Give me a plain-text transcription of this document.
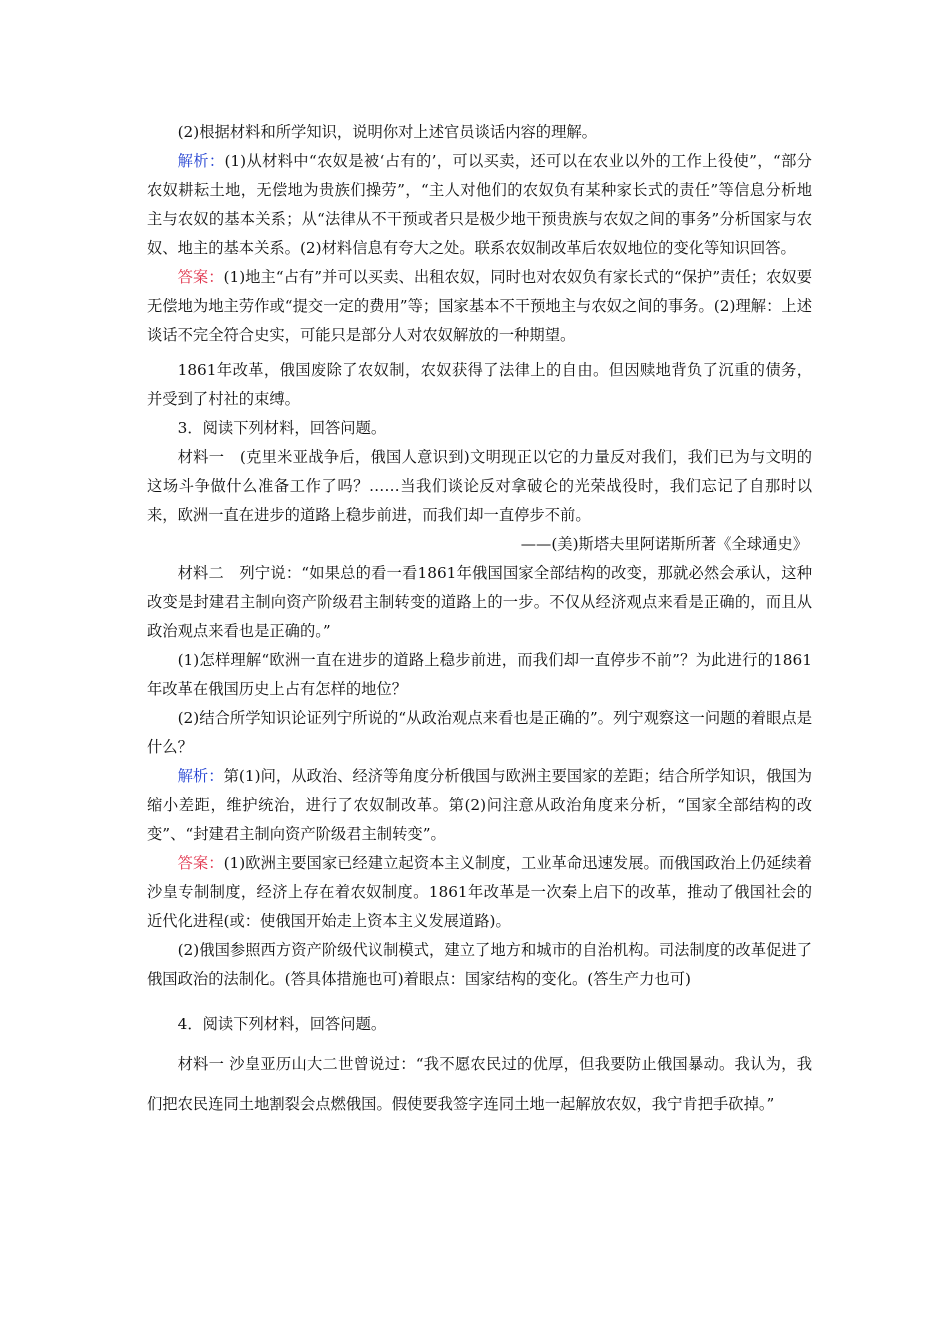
(2)根据材料和所学知识，说明你对上述官员谈话内容的理解。

解析：(1)从材料中“农奴是被‘占有的’，可以买卖，还可以在农业以外的工作上役使”，“部分农奴耕耘土地，无偿地为贵族们操劳”，“主人对他们的农奴负有某种家长式的责任”等信息分析地主与农奴的基本关系；从“法律从不干预或者只是极少地干预贵族与农奴之间的事务”分析国家与农奴、地主的基本关系。(2)材料信息有夸大之处。联系农奴制改革后农奴地位的变化等知识回答。

答案：(1)地主“占有”并可以买卖、出租农奴，同时也对农奴负有家长式的“保护”责任；农奴要无偿地为地主劳作或“提交一定的费用”等；国家基本不干预地主与农奴之间的事务。(2)理解：上述谈话不完全符合史实，可能只是部分人对农奴解放的一种期望。

1861年改革，俄国废除了农奴制，农奴获得了法律上的自由。但因赎地背负了沉重的债务，并受到了村社的束缚。

3．阅读下列材料，回答问题。

材料一　(克里米亚战争后，俄国人意识到)文明现正以它的力量反对我们，我们已为与文明的这场斗争做什么准备工作了吗？……当我们谈论反对拿破仑的光荣战役时，我们忘记了自那时以来，欧洲一直在进步的道路上稳步前进，而我们却一直停步不前。

——(美)斯塔夫里阿诺斯所著《全球通史》

材料二　列宁说：“如果总的看一看1861年俄国国家全部结构的改变，那就必然会承认，这种改变是封建君主制向资产阶级君主制转变的道路上的一步。不仅从经济观点来看是正确的，而且从政治观点来看也是正确的。”

(1)怎样理解“欧洲一直在进步的道路上稳步前进，而我们却一直停步不前”？为此进行的1861年改革在俄国历史上占有怎样的地位？

(2)结合所学知识论证列宁所说的“从政治观点来看也是正确的”。列宁观察这一问题的着眼点是什么？

解析：第(1)问，从政治、经济等角度分析俄国与欧洲主要国家的差距；结合所学知识，俄国为缩小差距，维护统治，进行了农奴制改革。第(2)问注意从政治角度来分析，“国家全部结构的改变”、“封建君主制向资产阶级君主制转变”。

答案：(1)欧洲主要国家已经建立起资本主义制度，工业革命迅速发展。而俄国政治上仍延续着沙皇专制制度，经济上存在着农奴制度。1861年改革是一次秦上启下的改革，推动了俄国社会的近代化进程(或：使俄国开始走上资本主义发展道路)。

(2)俄国参照西方资产阶级代议制模式，建立了地方和城市的自治机构。司法制度的改革促进了俄国政治的法制化。(答具体措施也可)着眼点：国家结构的变化。(答生产力也可)

4．阅读下列材料，回答问题。

材料一 沙皇亚历山大二世曾说过：“我不愿农民过的优厚，但我要防止俄国暴动。我认为，我们把农民连同土地割裂会点燃俄国。假使要我签字连同土地一起解放农奴，我宁肯把手砍掉。”
